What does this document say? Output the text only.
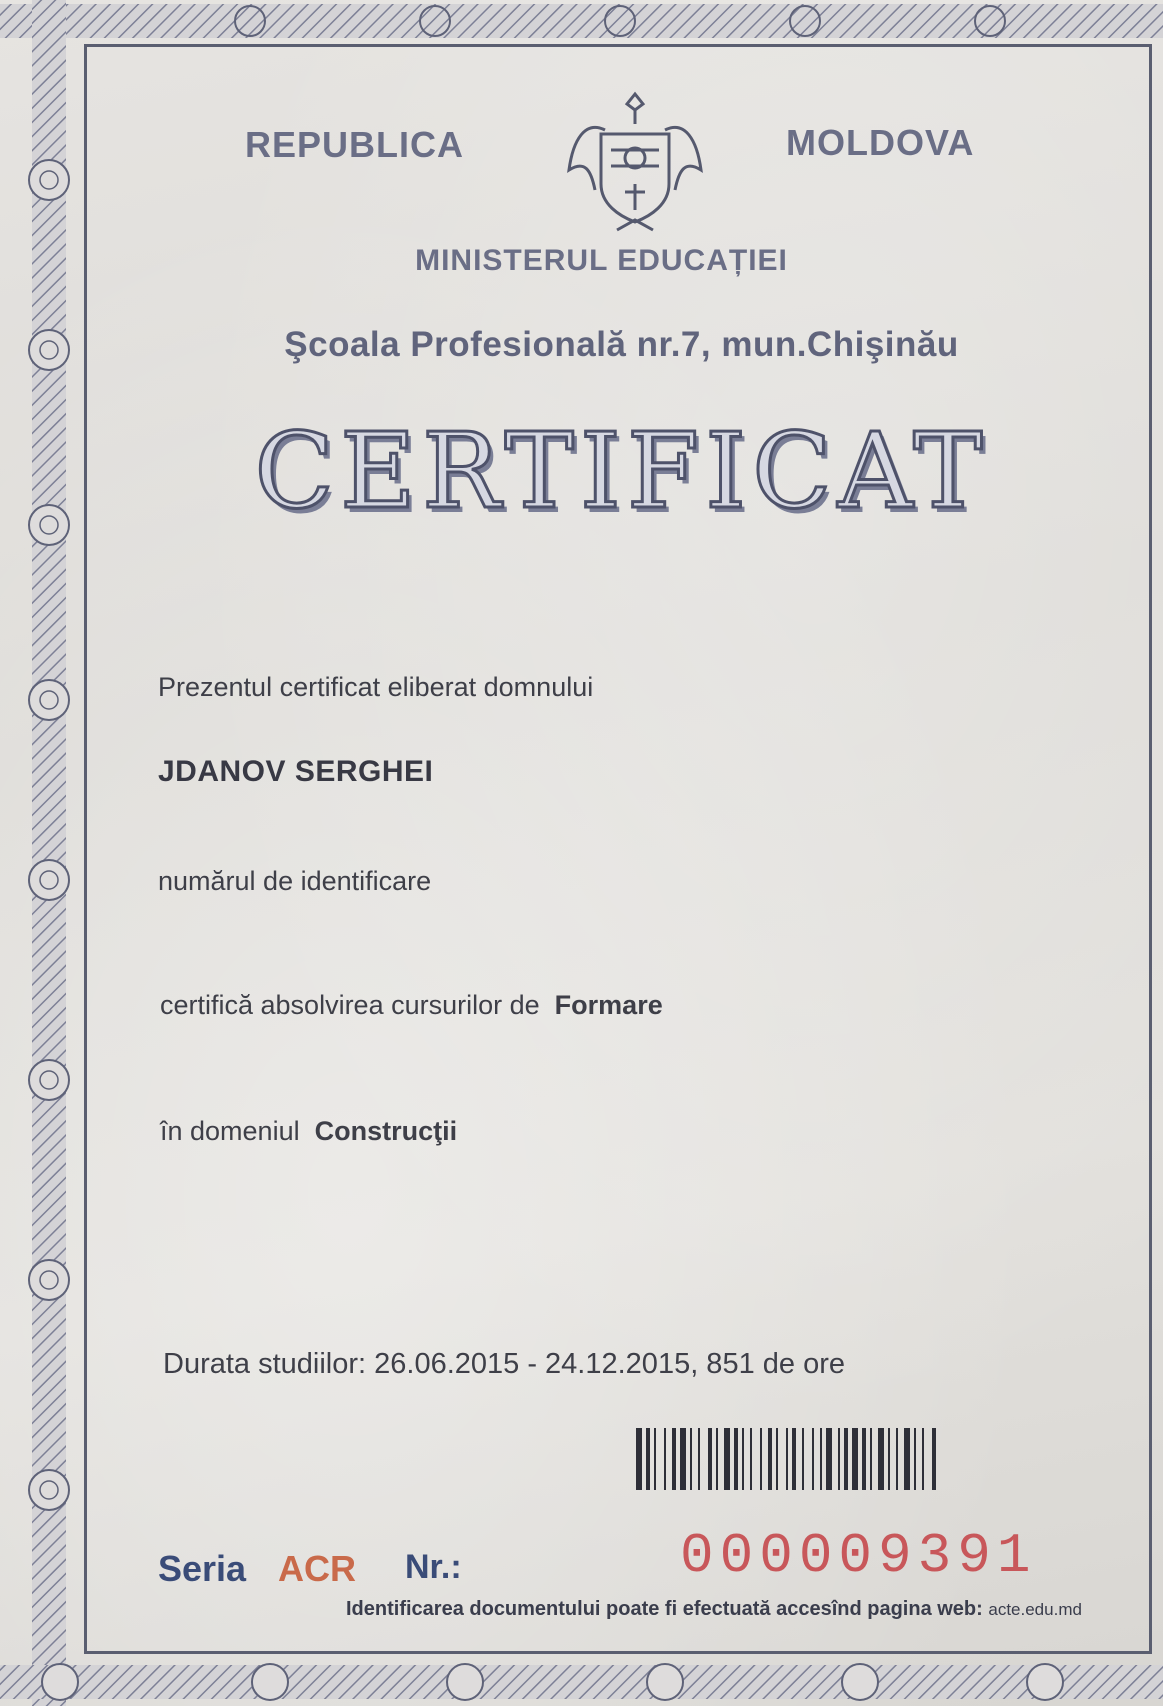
REPUBLICA	MOLDOVA
MINISTERUL EDUCAȚIEI
Şcoala Profesională nr.7, mun.Chişinău
CERTIFICAT
Prezentul certificat eliberat domnului
JDANOV SERGHEI
numărul de identificare
certifică absolvirea cursurilor de Formare
în domeniul Construcţii
Durata studiilor: 26.06.2015 - 24.12.2015, 851 de ore
Seria ACR Nr.:	000009391
Identificarea documentului poate fi efectuată accesînd pagina web: acte.edu.md
